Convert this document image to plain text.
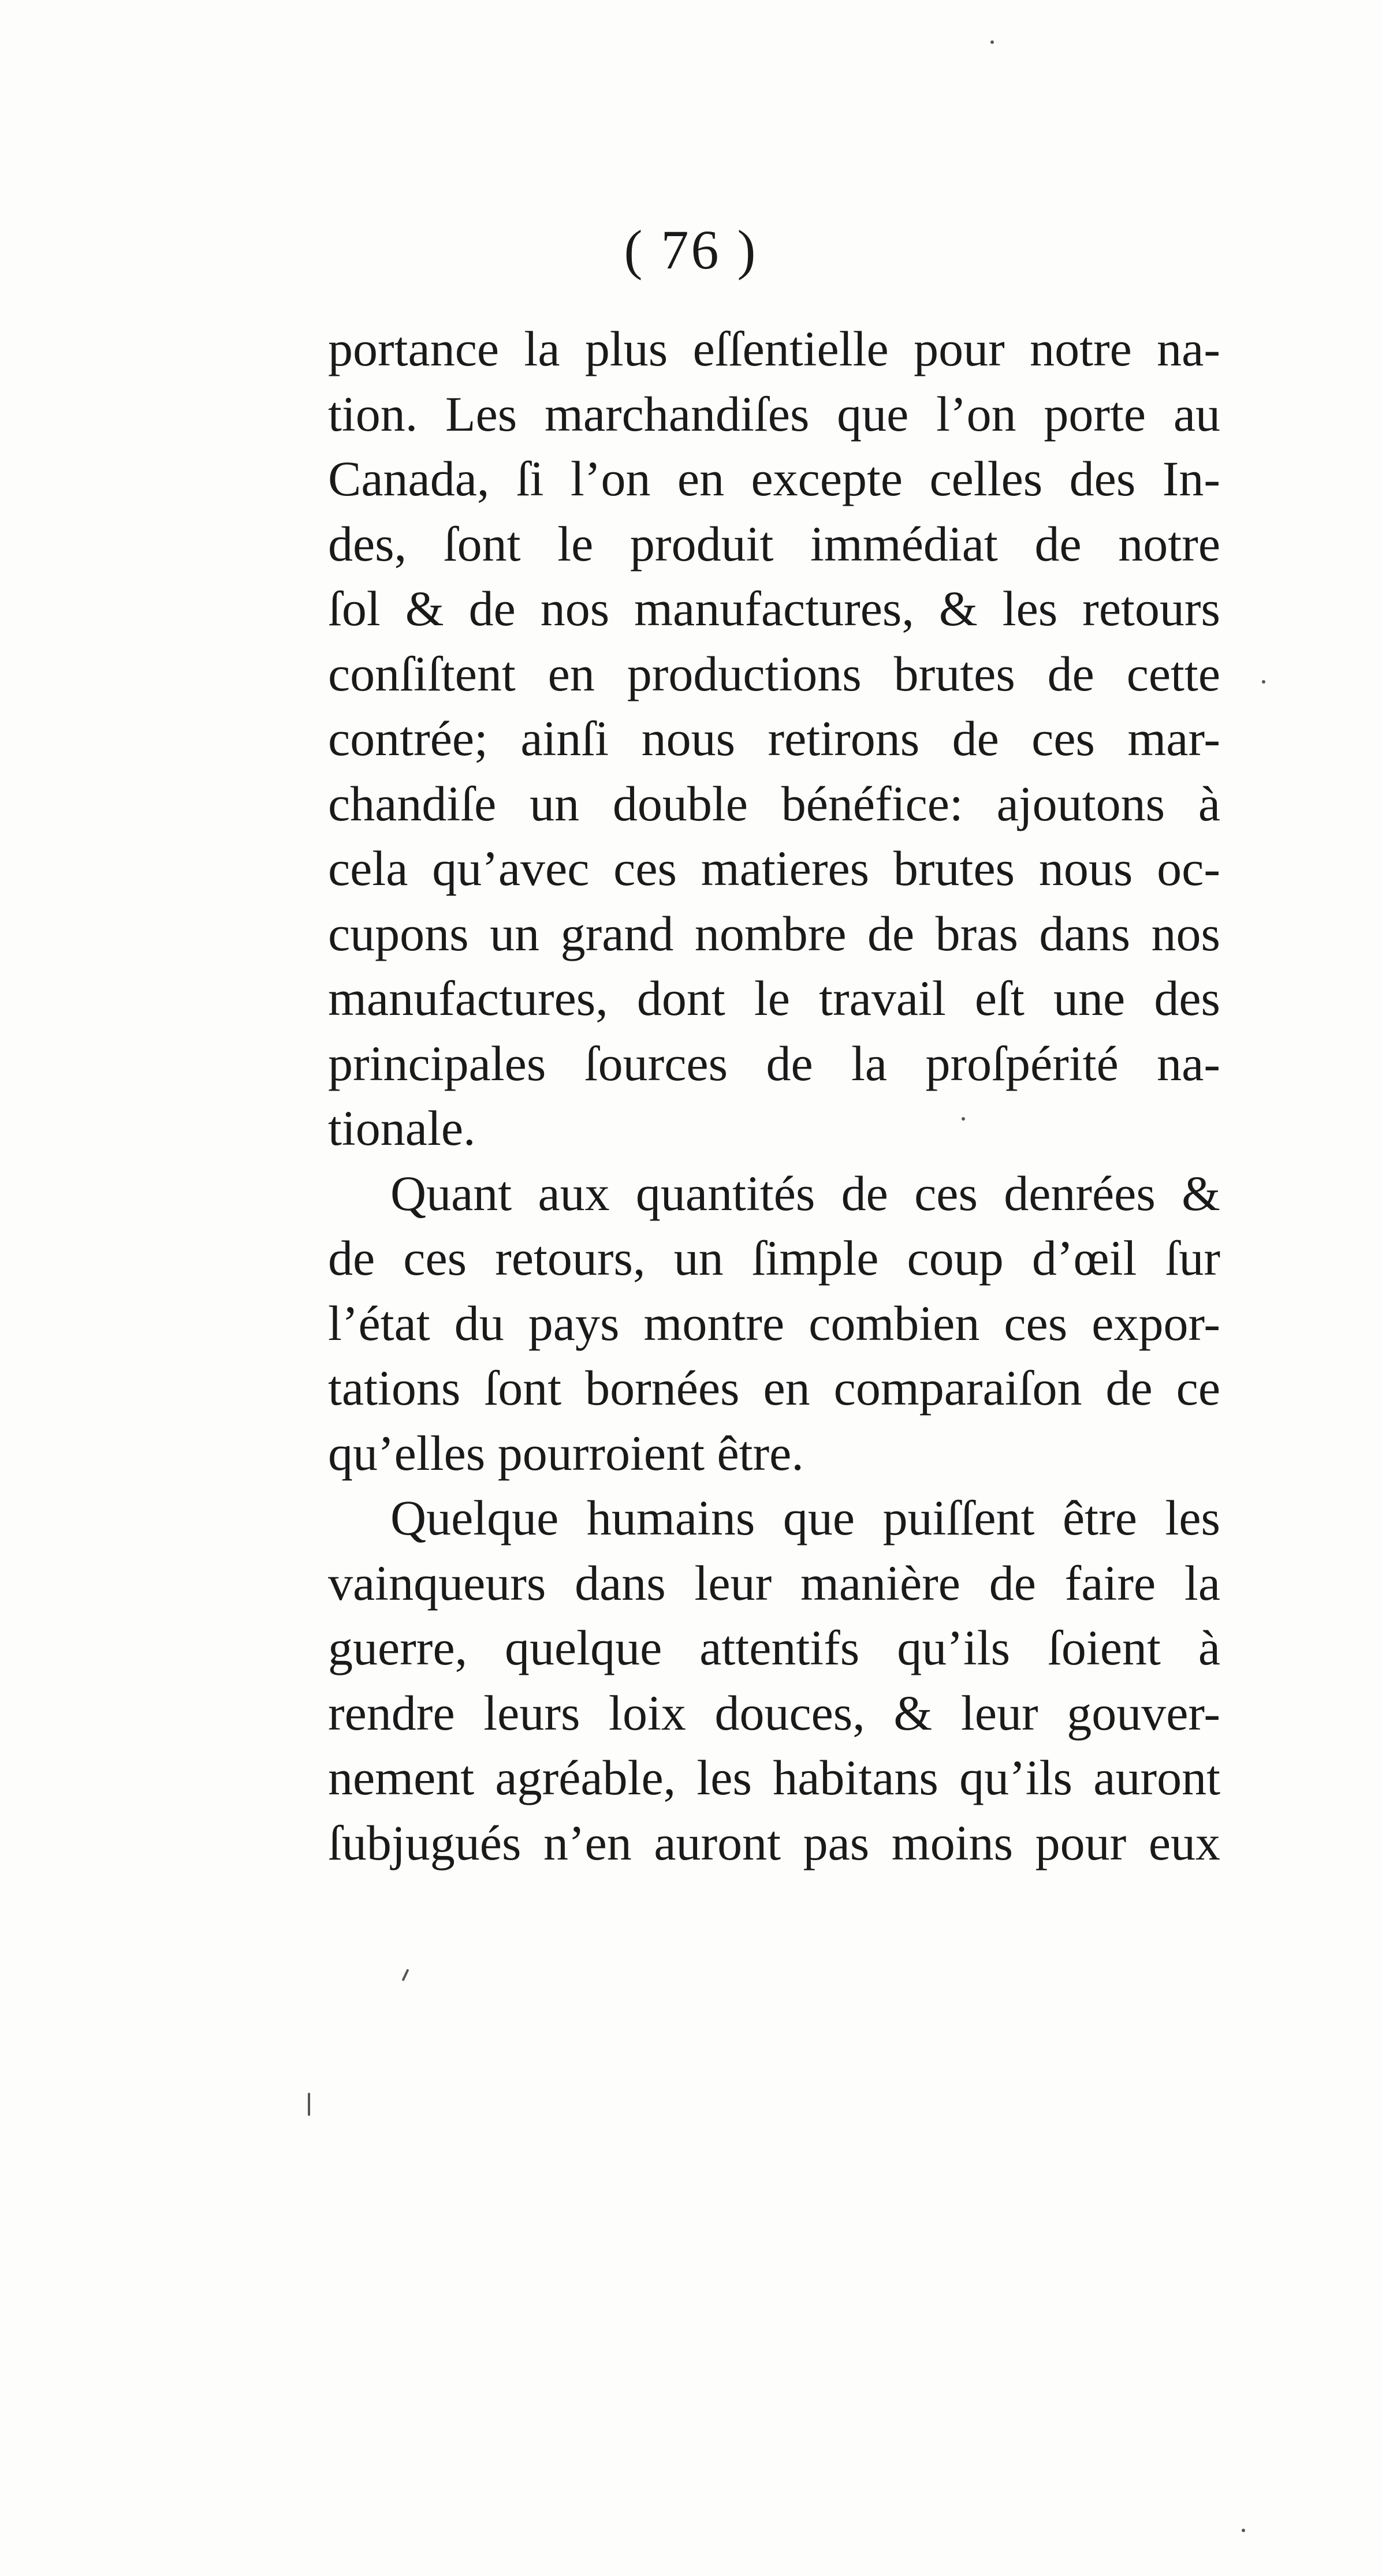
( 76 )
portance la plus eſſentielle pour notre na-
tion. Les marchandiſes que l’on porte au
Canada, ſi l’on en excepte celles des In-
des, ſont le produit immédiat de notre
ſol & de nos manufactures, & les retours
conſiſtent en productions brutes de cette
contrée; ainſi nous retirons de ces mar-
chandiſe un double bénéfice: ajoutons à
cela qu’avec ces matieres brutes nous oc-
cupons un grand nombre de bras dans nos
manufactures, dont le travail eſt une des
principales ſources de la proſpérité na-
tionale.
Quant aux quantités de ces denrées &
de ces retours, un ſimple coup d’œil ſur
l’état du pays montre combien ces expor-
tations ſont bornées en comparaiſon de ce
qu’elles pourroient être.
Quelque humains que puiſſent être les
vainqueurs dans leur manière de faire la
guerre, quelque attentifs qu’ils ſoient à
rendre leurs loix douces, & leur gouver-
nement agréable, les habitans qu’ils auront
ſubjugués n’en auront pas moins pour eux
